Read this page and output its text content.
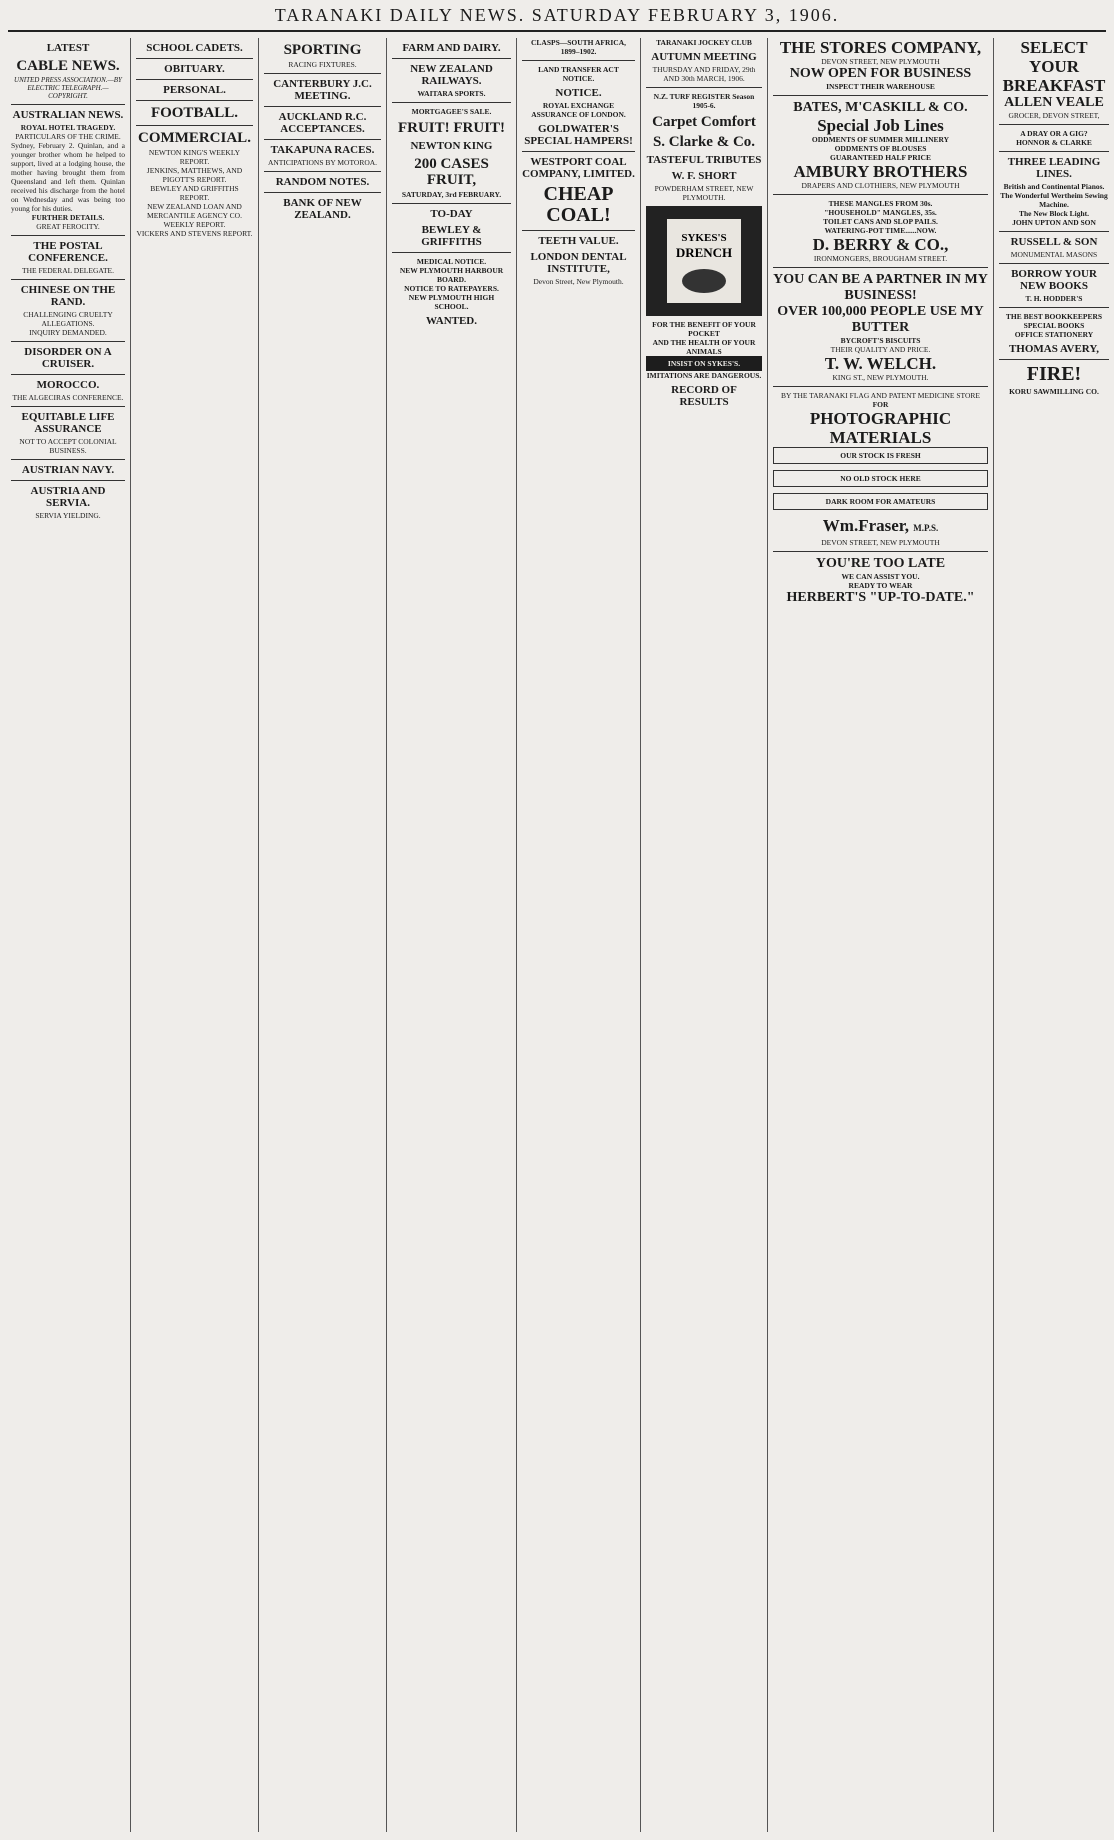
TARANAKI DAILY NEWS. SATURDAY FEBRUARY 3, 1906.
LATEST
CABLE NEWS.
UNITED PRESS ASSOCIATION.—BY ELECTRIC TELEGRAPH.—COPYRIGHT.
AUSTRALIAN NEWS.
ROYAL HOTEL TRAGEDY.
PARTICULARS OF THE CRIME.
Sydney, February 2. Quinlan, and a younger brother whom he helped to support, lived at a lodging house, the mother having brought them from Queensland and left them. Quinlan received his discharge from the hotel on Wednesday and was being too young for his duties.
FURTHER DETAILS.
GREAT FEROCITY.
THE POSTAL CONFERENCE.
THE FEDERAL DELEGATE.
CHINESE ON THE RAND.
CHALLENGING CRUELTY ALLEGATIONS.
INQUIRY DEMANDED.
DISORDER ON A CRUISER.
MOROCCO.
THE ALGECIRAS CONFERENCE.
EQUITABLE LIFE ASSURANCE
NOT TO ACCEPT COLONIAL BUSINESS.
AUSTRIAN NAVY.
AUSTRIA AND SERVIA.
SERVIA YIELDING.
SCHOOL CADETS.
OBITUARY.
PERSONAL.
FOOTBALL.
COMMERCIAL.
NEWTON KING'S WEEKLY REPORT.
JENKINS, MATTHEWS, AND PIGOTT'S REPORT.
BEWLEY AND GRIFFITHS REPORT.
NEW ZEALAND LOAN AND MERCANTILE AGENCY CO.
WEEKLY REPORT.
VICKERS AND STEVENS REPORT.
SPORTING
RACING FIXTURES.
CANTERBURY J.C. MEETING.
AUCKLAND R.C. ACCEPTANCES.
TAKAPUNA RACES.
ANTICIPATIONS BY MOTOROA.
RANDOM NOTES.
BANK OF NEW ZEALAND.
FARM AND DAIRY.
NEW ZEALAND RAILWAYS.
WAITARA SPORTS.
MORTGAGEE'S SALE.
FRUIT! FRUIT!
NEWTON KING
200 CASES FRUIT,
SATURDAY, 3rd FEBRUARY.
TO-DAY
BEWLEY & GRIFFITHS
MEDICAL NOTICE.
NEW PLYMOUTH HARBOUR BOARD.
NOTICE TO RATEPAYERS.
NEW PLYMOUTH HIGH SCHOOL.
WANTED.
CLASPS—SOUTH AFRICA, 1899–1902.
LAND TRANSFER ACT NOTICE.
NOTICE.
ROYAL EXCHANGE ASSURANCE OF LONDON.
GOLDWATER'S SPECIAL HAMPERS!
WESTPORT COAL COMPANY, LIMITED.
CHEAP COAL!
TEETH VALUE.
LONDON DENTAL INSTITUTE,
Devon Street, New Plymouth.
TARANAKI JOCKEY CLUB
AUTUMN MEETING
THURSDAY AND FRIDAY, 29th AND 30th MARCH, 1906.
N.Z. TURF REGISTER Season 1905-6.
Carpet Comfort
S. Clarke & Co.
TASTEFUL TRIBUTES
W. F. SHORT
POWDERHAM STREET, NEW PLYMOUTH.
SYKES'S
DRENCH
FOR THE BENEFIT OF YOUR POCKET
AND THE HEALTH OF YOUR ANIMALS
INSIST ON SYKES'S.
IMITATIONS ARE DANGEROUS.
RECORD OF RESULTS
THE STORES COMPANY,
DEVON STREET, NEW PLYMOUTH
NOW OPEN FOR BUSINESS
INSPECT THEIR WAREHOUSE
BATES, M'CASKILL & CO.
Special Job Lines
ODDMENTS OF SUMMER MILLINERY
ODDMENTS OF BLOUSES
GUARANTEED HALF PRICE
AMBURY BROTHERS
DRAPERS AND CLOTHIERS, NEW PLYMOUTH
THESE MANGLES FROM 30s.
"HOUSEHOLD" MANGLES, 35s.
TOILET CANS AND SLOP PAILS.
WATERING-POT TIME......NOW.
D. BERRY & CO.,
IRONMONGERS, BROUGHAM STREET.
YOU CAN BE A PARTNER IN MY BUSINESS!
OVER 100,000 PEOPLE USE MY BUTTER
BYCROFT'S BISCUITS
THEIR QUALITY AND PRICE.
T. W. WELCH.
KING ST., NEW PLYMOUTH.
BY THE TARANAKI FLAG AND PATENT MEDICINE STORE
FOR
PHOTOGRAPHIC MATERIALS
OUR STOCK IS FRESH
NO OLD STOCK HERE
DARK ROOM FOR AMATEURS
Wm.Fraser, M.P.S.
DEVON STREET, NEW PLYMOUTH
YOU'RE TOO LATE
WE CAN ASSIST YOU.
READY TO WEAR
HERBERT'S "UP-TO-DATE."
SELECT YOUR BREAKFAST
ALLEN VEALE
GROCER, DEVON STREET,
A DRAY OR A GIG?
HONNOR & CLARKE
THREE LEADING LINES.
British and Continental Pianos.
The Wonderful Wertheim Sewing Machine.
The New Block Light.
JOHN UPTON AND SON
RUSSELL & SON
MONUMENTAL MASONS
BORROW YOUR NEW BOOKS
T. H. HODDER'S
THE BEST BOOKKEEPERS
SPECIAL BOOKS
OFFICE STATIONERY
THOMAS AVERY,
FIRE!
KORU SAWMILLING CO.
